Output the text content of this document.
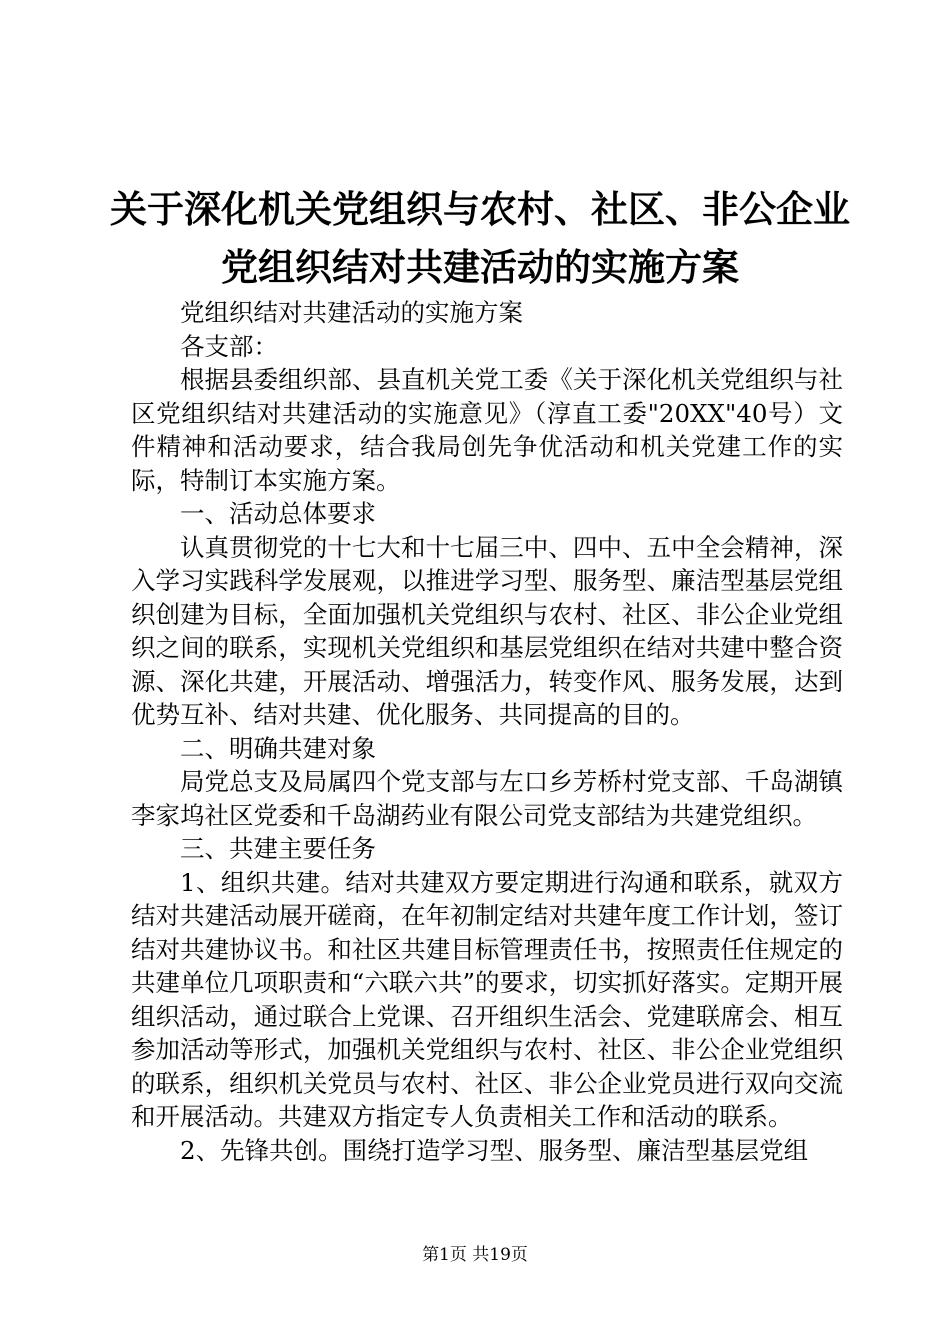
关于深化机关党组织与农村、社区、非公企业
党组织结对共建活动的实施方案

党组织结对共建活动的实施方案

各支部：

根据县委组织部、县直机关党工委《关于深化机关党组织与社区党组织结对共建活动的实施意见》（淳直工委"20XX"40号）文件精神和活动要求，结合我局创先争优活动和机关党建工作的实际，特制订本实施方案。

一、活动总体要求

认真贯彻党的十七大和十七届三中、四中、五中全会精神，深入学习实践科学发展观，以推进学习型、服务型、廉洁型基层党组织创建为目标，全面加强机关党组织与农村、社区、非公企业党组织之间的联系，实现机关党组织和基层党组织在结对共建中整合资源、深化共建，开展活动、增强活力，转变作风、服务发展，达到优势互补、结对共建、优化服务、共同提高的目的。

二、明确共建对象

局党总支及局属四个党支部与左口乡芳桥村党支部、千岛湖镇李家坞社区党委和千岛湖药业有限公司党支部结为共建党组织。

三、共建主要任务

1、组织共建。结对共建双方要定期进行沟通和联系，就双方结对共建活动展开磋商，在年初制定结对共建年度工作计划，签订结对共建协议书。和社区共建目标管理责任书，按照责任住规定的共建单位几项职责和“六联六共”的要求，切实抓好落实。定期开展组织活动，通过联合上党课、召开组织生活会、党建联席会、相互参加活动等形式，加强机关党组织与农村、社区、非公企业党组织的联系，组织机关党员与农村、社区、非公企业党员进行双向交流和开展活动。共建双方指定专人负责相关工作和活动的联系。

2、先锋共创。围绕打造学习型、服务型、廉洁型基层党组

第1页 共19页
